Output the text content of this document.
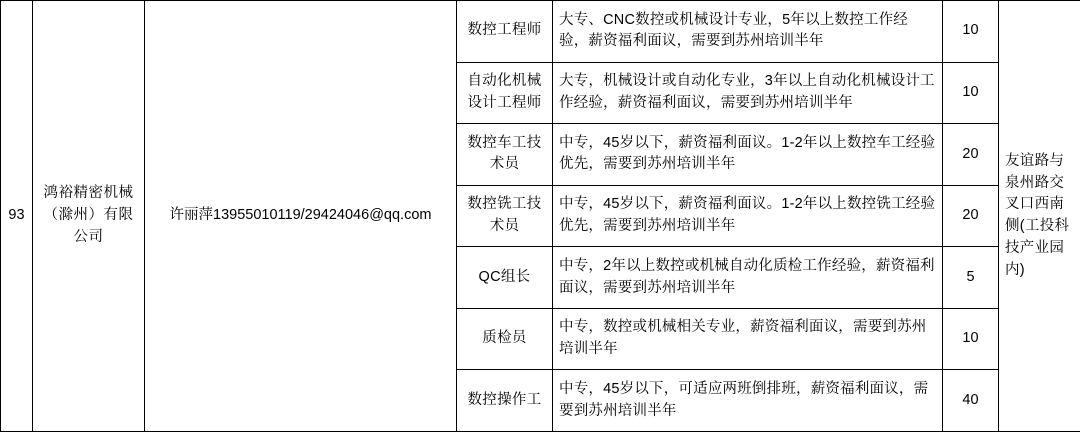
93	鸿裕精密机械（滁州）有限公司	许丽萍13955010119/29424046@qq.com	数控工程师	大专、CNC数控或机械设计专业，5年以上数控工作经验，薪资福利面议，需要到苏州培训半年	10	友谊路与泉州路交叉口西南侧(工投科技产业园内)
			自动化机械设计工程师	大专，机械设计或自动化专业，3年以上自动化机械设计工作经验，薪资福利面议，需要到苏州培训半年	10	
			数控车工技术员	中专，45岁以下，薪资福利面议。1-2年以上数控车工经验优先，需要到苏州培训半年	20	
			数控铣工技术员	中专，45岁以下，薪资福利面议。1-2年以上数控铣工经验优先，需要到苏州培训半年	20	
			QC组长	中专，2年以上数控或机械自动化质检工作经验，薪资福利面议，需要到苏州培训半年	5	
			质检员	中专，数控或机械相关专业，薪资福利面议，需要到苏州培训半年	10	
			数控操作工	中专，45岁以下，可适应两班倒排班，薪资福利面议，需要到苏州培训半年	40	
